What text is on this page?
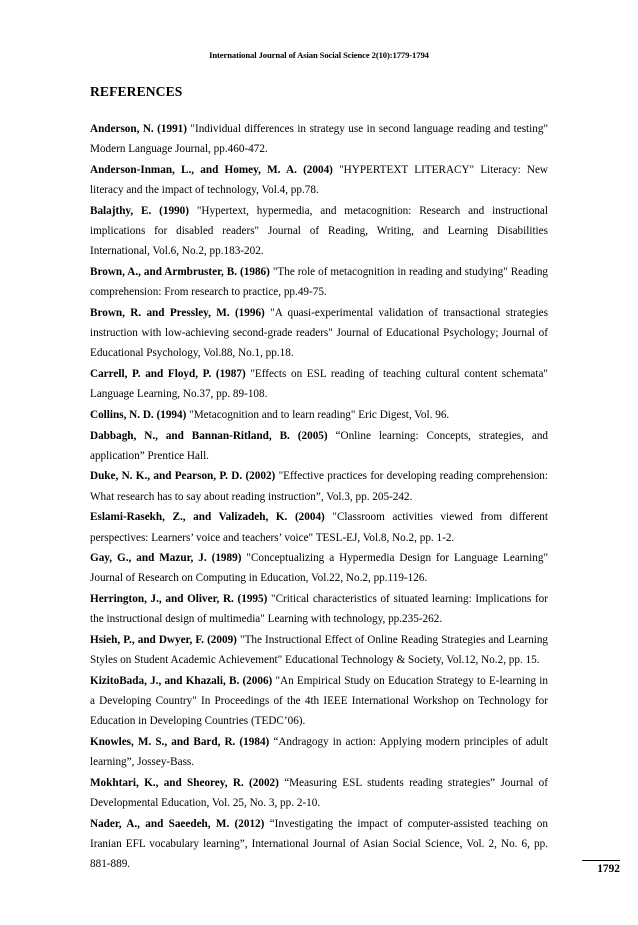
International Journal of Asian Social Science 2(10):1779-1794
REFERENCES
Anderson, N. (1991) "Individual differences in strategy use in second language reading and testing" Modern Language Journal, pp.460-472.
Anderson-Inman, L., and Homey, M. A. (2004) "HYPERTEXT LITERACY" Literacy: New literacy and the impact of technology, Vol.4, pp.78.
Balajthy, E. (1990) "Hypertext, hypermedia, and metacognition: Research and instructional implications for disabled readers" Journal of Reading, Writing, and Learning Disabilities International, Vol.6, No.2, pp.183-202.
Brown, A., and Armbruster, B. (1986) "The role of metacognition in reading and studying" Reading comprehension: From research to practice, pp.49-75.
Brown, R. and Pressley, M. (1996) "A quasi-experimental validation of transactional strategies instruction with low-achieving second-grade readers" Journal of Educational Psychology; Journal of Educational Psychology, Vol.88, No.1, pp.18.
Carrell, P. and Floyd, P. (1987) "Effects on ESL reading of teaching cultural content schemata" Language Learning, No.37, pp. 89-108.
Collins, N. D. (1994) "Metacognition and to learn reading" Eric Digest, Vol. 96.
Dabbagh, N., and Bannan-Ritland, B. (2005) “Online learning: Concepts, strategies, and application” Prentice Hall.
Duke, N. K., and Pearson, P. D. (2002) "Effective practices for developing reading comprehension: What research has to say about reading instruction”, Vol.3, pp. 205-242.
Eslami-Rasekh, Z., and Valizadeh, K. (2004) "Classroom activities viewed from different perspectives: Learners’ voice and teachers’ voice" TESL-EJ, Vol.8, No.2, pp. 1-2.
Gay, G., and Mazur, J. (1989) "Conceptualizing a Hypermedia Design for Language Learning" Journal of Research on Computing in Education, Vol.22, No.2, pp.119-126.
Herrington, J., and Oliver, R. (1995) "Critical characteristics of situated learning: Implications for the instructional design of multimedia" Learning with technology, pp.235-262.
Hsieh, P., and Dwyer, F. (2009) "The Instructional Effect of Online Reading Strategies and Learning Styles on Student Academic Achievement" Educational Technology & Society, Vol.12, No.2, pp. 15.
KizitoBada, J., and Khazali, B. (2006) "An Empirical Study on Education Strategy to E-learning in a Developing Country" In Proceedings of the 4th IEEE International Workshop on Technology for Education in Developing Countries (TEDC’06).
Knowles, M. S., and Bard, R. (1984) “Andragogy in action: Applying modern principles of adult learning”, Jossey-Bass.
Mokhtari, K., and Sheorey, R. (2002) “Measuring ESL students reading strategies” Journal of Developmental Education, Vol. 25, No. 3, pp. 2-10.
Nader, A., and Saeedeh, M. (2012) “Investigating the impact of computer-assisted teaching on Iranian EFL vocabulary learning”, International Journal of Asian Social Science, Vol. 2, No. 6, pp. 881-889.	1792
